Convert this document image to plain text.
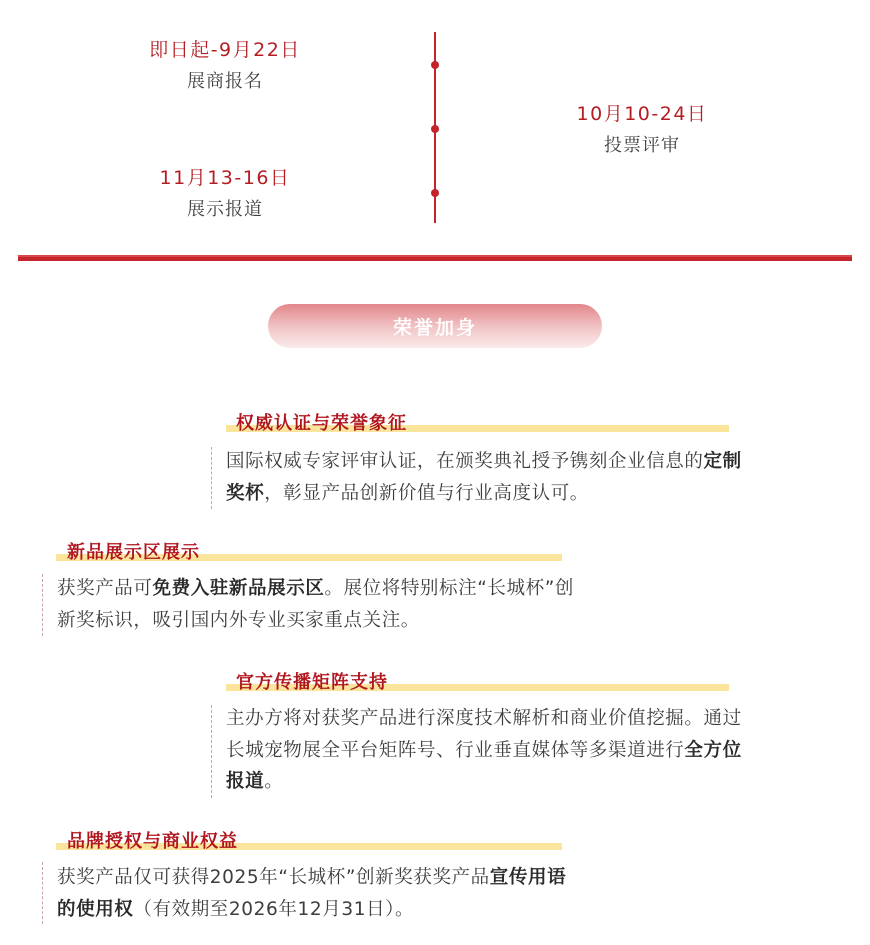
即日起-9月22日
展商报名
10月10-24日
投票评审
11月13-16日
展示报道
荣誉加身
权威认证与荣誉象征
国际权威专家评审认证，在颁奖典礼授予镌刻企业信息的定制
奖杯，彰显产品创新价值与行业高度认可。
新品展示区展示
获奖产品可免费入驻新品展示区。展位将特别标注“长城杯”创
新奖标识，吸引国内外专业买家重点关注。
官方传播矩阵支持
主办方将对获奖产品进行深度技术解析和商业价值挖掘。通过
长城宠物展全平台矩阵号、行业垂直媒体等多渠道进行全方位
报道。
品牌授权与商业权益
获奖产品仅可获得2025年“长城杯”创新奖获奖产品宣传用语
的使用权（有效期至2026年12月31日）。
